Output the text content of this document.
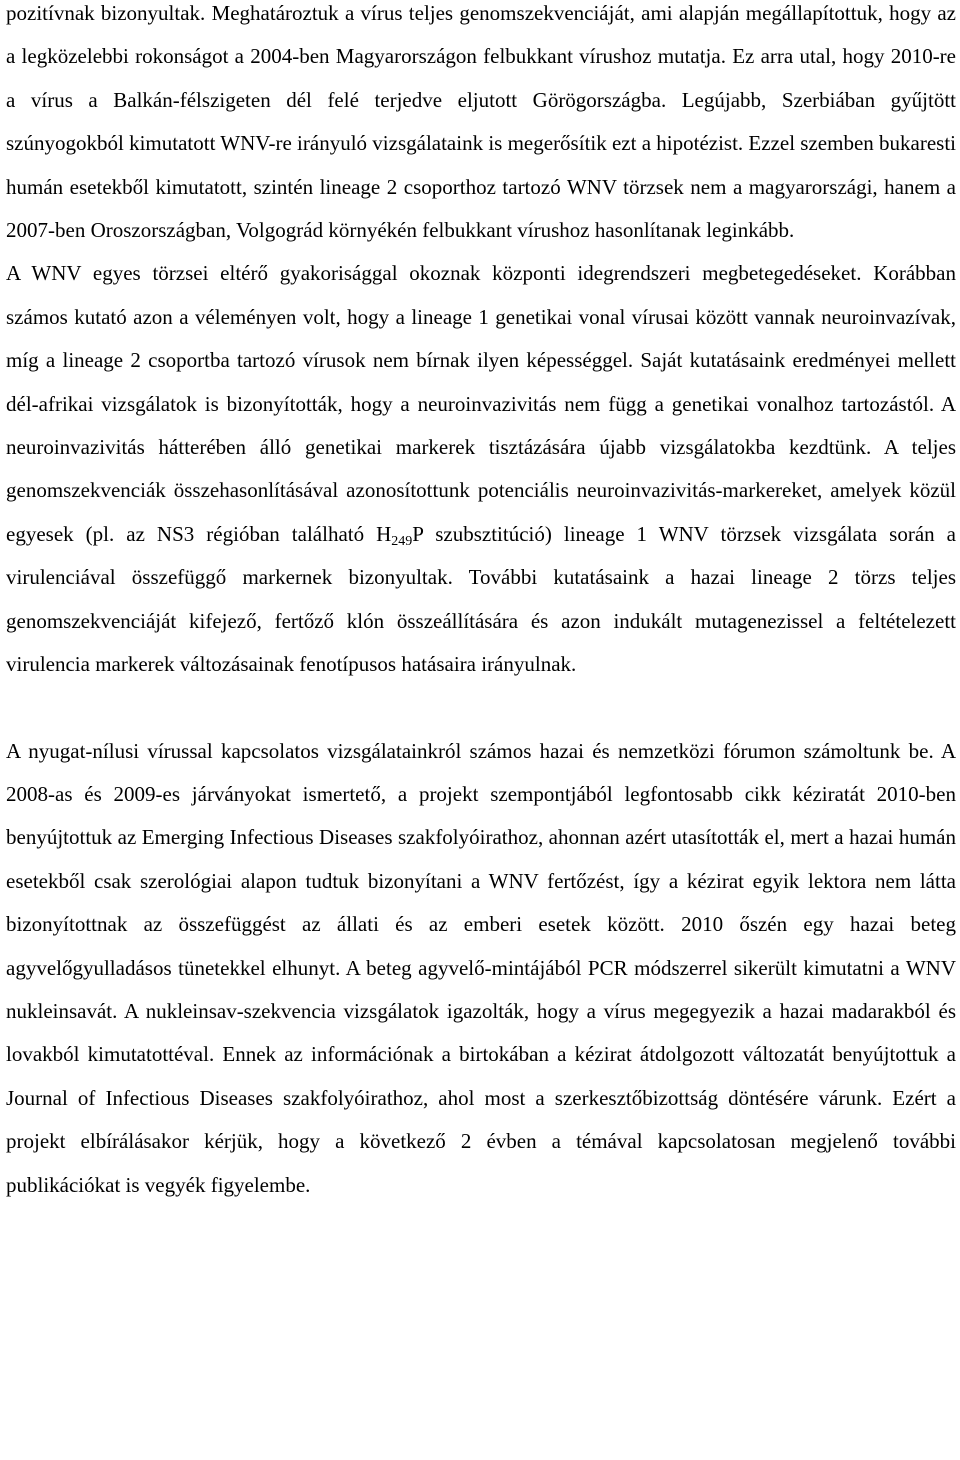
pozitívnak bizonyultak. Meghatároztuk a vírus teljes genomszekvenciáját, ami alapján megállapítottuk, hogy az a legközelebbi rokonságot a 2004-ben Magyarországon felbukkant vírushoz mutatja. Ez arra utal, hogy 2010-re a vírus a Balkán-félszigeten dél felé terjedve eljutott Görögországba. Legújabb, Szerbiában gyűjtött szúnyogokból kimutatott WNV-re irányuló vizsgálataink is megerősítik ezt a hipotézist. Ezzel szemben bukaresti humán esetekből kimutatott, szintén lineage 2 csoporthoz tartozó WNV törzsek nem a magyarországi, hanem a 2007-ben Oroszországban, Volgográd környékén felbukkant vírushoz hasonlítanak leginkább.

A WNV egyes törzsei eltérő gyakorisággal okoznak központi idegrendszeri megbetegedéseket. Korábban számos kutató azon a véleményen volt, hogy a lineage 1 genetikai vonal vírusai között vannak neuroinvazívak, míg a lineage 2 csoportba tartozó vírusok nem bírnak ilyen képességgel. Saját kutatásaink eredményei mellett dél-afrikai vizsgálatok is bizonyították, hogy a neuroinvazivitás nem függ a genetikai vonalhoz tartozástól. A neuroinvazivitás hátterében álló genetikai markerek tisztázására újabb vizsgálatokba kezdtünk. A teljes genomszekvenciák összehasonlításával azonosítottunk potenciális neuroinvazivitás-markereket, amelyek közül egyesek (pl. az NS3 régióban található $H_{249}P$ szubsztitúció) lineage 1 WNV törzsek vizsgálata során a virulenciával összefüggő markernek bizonyultak. További kutatásaink a hazai lineage 2 törzs teljes genomszekvenciáját kifejező, fertőző klón összeállítására és azon indukált mutagenezissel a feltételezett virulencia markerek változásainak fenotípusos hatásaira irányulnak.

A nyugat-nílusi vírussal kapcsolatos vizsgálatainkról számos hazai és nemzetközi fórumon számoltunk be. A 2008-as és 2009-es járványokat ismertető, a projekt szempontjából legfontosabb cikk kéziratát 2010-ben benyújtottuk az Emerging Infectious Diseases szakfolyóirathoz, ahonnan azért utasították el, mert a hazai humán esetekből csak szerológiai alapon tudtuk bizonyítani a WNV fertőzést, így a kézirat egyik lektora nem látta bizonyítottnak az összefüggést az állati és az emberi esetek között. 2010 őszén egy hazai beteg agyvelőgyulladásos tünetekkel elhunyt. A beteg agyvelő-mintájából PCR módszerrel sikerült kimutatni a WNV nukleinsavát. A nukleinsav-szekvencia vizsgálatok igazolták, hogy a vírus megegyezik a hazai madarakból és lovakból kimutatottéval. Ennek az információnak a birtokában a kézirat átdolgozott változatát benyújtottuk a Journal of Infectious Diseases szakfolyóirathoz, ahol most a szerkesztőbizottság döntésére várunk. Ezért a projekt elbírálásakor kérjük, hogy a következő 2 évben a témával kapcsolatosan megjelenő további publikációkat is vegyék figyelembe.
